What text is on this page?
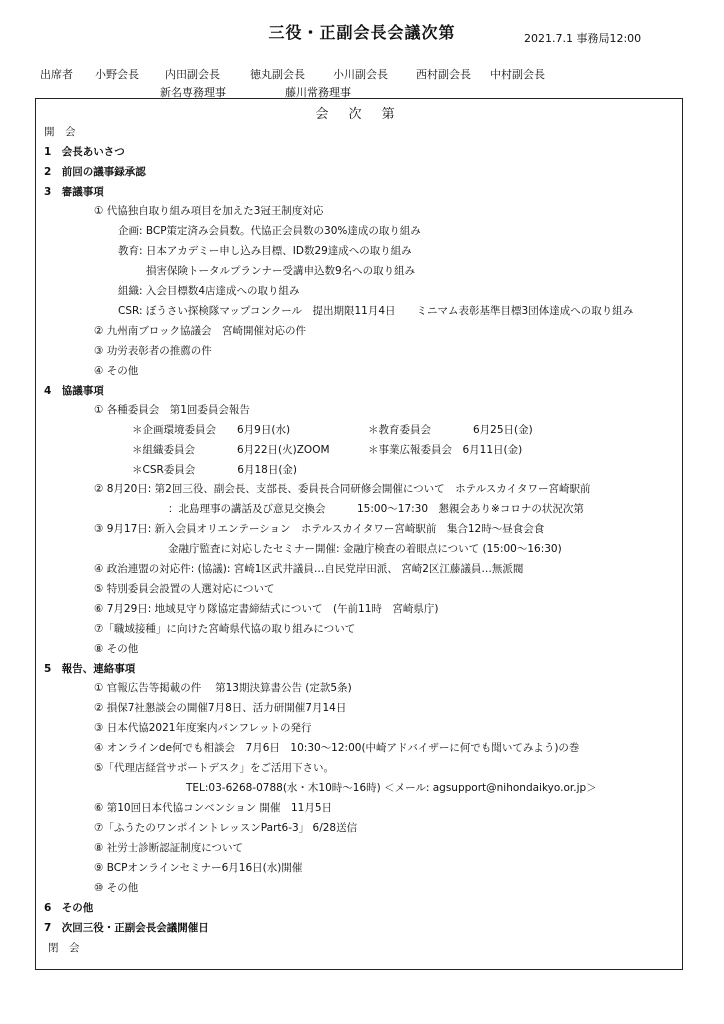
三役・正副会長会議次第	2021.7.1 事務局12:00
出席者 小野会長 内田副会長	徳丸副会長	小川副会長	西村副会長 中村副会長
新名専務理事	藤川常務理事
会 次 第
開　会
1　会長あいさつ
2　前回の議事録承認
3　審議事項
① 代協独自取り組み項目を加えた3冠王制度対応
企画: BCP策定済み会員数。代協正会員数の30%達成の取り組み
教育: 日本アカデミー申し込み目標、ID数29達成への取り組み
損害保険トータルプランナー受講申込数9名への取り組み
組織: 入会目標数4店達成への取り組み
CSR: ぼうさい探検隊マップコンクール　提出期限11月4日　　ミニマム表彰基準目標3団体達成への取り組み
② 九州南ブロック協議会　宮崎開催対応の件
③ 功労表彰者の推薦の件
④ その他
4　協議事項
① 各種委員会　第1回委員会報告
＊企画環境委員会　　6月9日(水)	＊教育委員会　　　　6月25日(金)
＊組織委員会　　　　6月22日(火)ZOOM	＊事業広報委員会　6月11日(金)
＊CSR委員会　　　　6月18日(金)
② 8月20日: 第2回三役、副会長、支部長、委員長合同研修会開催について　ホテルスカイタワー宮崎駅前
：北島理事の講話及び意見交換会　　　15:00〜17:30　懇親会あり※コロナの状況次第
③ 9月17日: 新入会員オリエンテーション　ホテルスカイタワー宮崎駅前　集合12時〜昼食会食
金融庁監査に対応したセミナー開催: 金融庁検査の着眼点について (15:00〜16:30)
④ 政治連盟の対応件: (協議): 宮崎1区武井議員…自民党岸田派、 宮崎2区江藤議員…無派閥
⑤ 特別委員会設置の人選対応について
⑥ 7月29日: 地域見守り隊協定書締結式について　(午前11時　宮崎県庁)
⑦「職域接種」に向けた宮崎県代協の取り組みについて
⑧ その他
5　報告、連絡事項
① 官報広告等掲載の件　 第13期決算書公告 (定款5条)
② 損保7社懇談会の開催7月8日、活力研開催7月14日
③ 日本代協2021年度案内パンフレットの発行
④ オンラインde何でも相談会　7月6日　10:30〜12:00(中崎アドバイザーに何でも聞いてみよう)の巻
⑤「代理店経営サポートデスク」をご活用下さい。
TEL:03-6268-0788(水・木10時〜16時) ＜メール: agsupport@nihondaikyo.or.jp＞
⑥ 第10回日本代協コンベンション 開催　11月5日
⑦「ふうたのワンポイントレッスンPart6-3」 6/28送信
⑧ 社労士診断認証制度について
⑨ BCPオンラインセミナー6月16日(水)開催
⑩ その他
6　その他
7　次回三役・正副会長会議開催日
閉　会
